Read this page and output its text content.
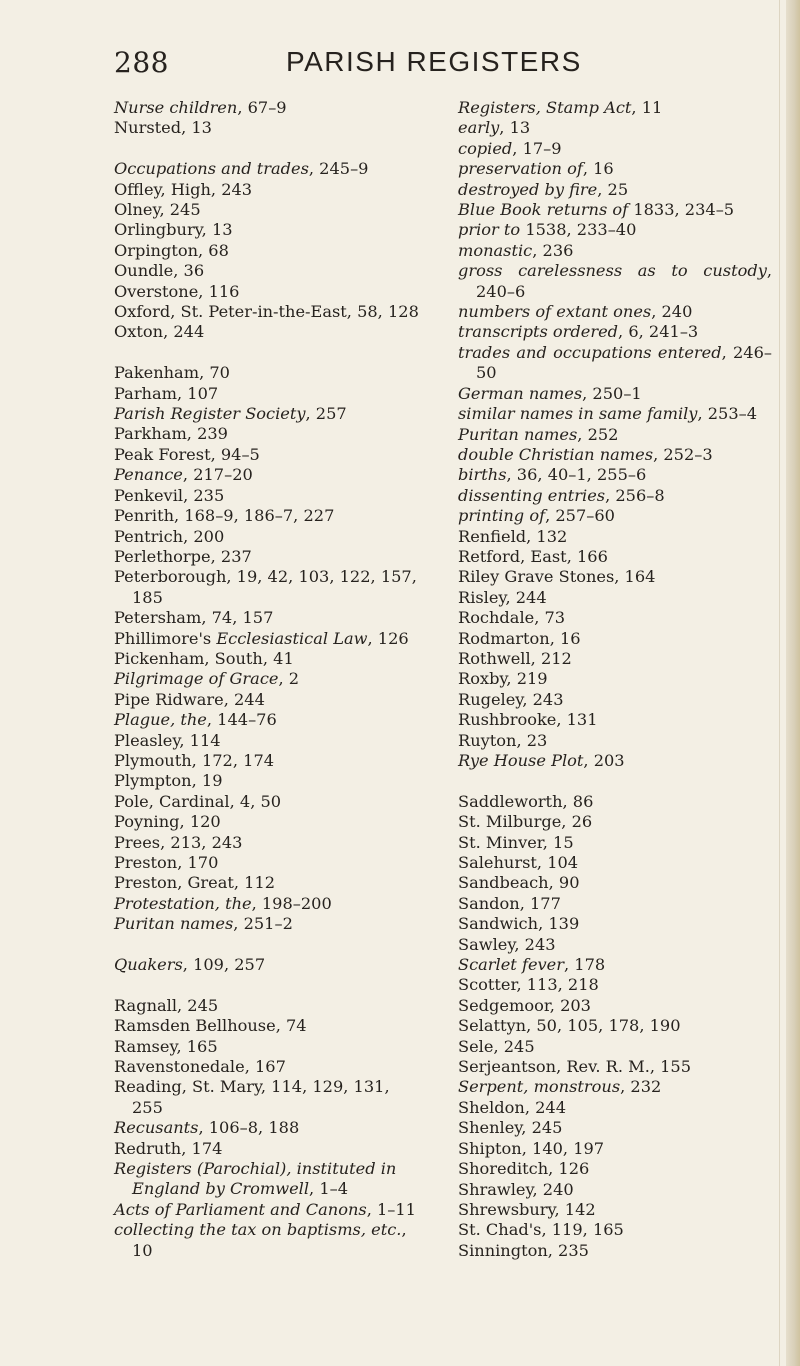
288	PARISH REGISTERS
Nurse children, 67–9
Nursted, 13
Occupations and trades, 245–9
Offley, High, 243
Olney, 245
Orlingbury, 13
Orpington, 68
Oundle, 36
Overstone, 116
Oxford, St. Peter-in-the-East, 58, 128
Oxton, 244
Pakenham, 70
Parham, 107
Parish Register Society, 257
Parkham, 239
Peak Forest, 94–5
Penance, 217–20
Penkevil, 235
Penrith, 168–9, 186–7, 227
Pentrich, 200
Perlethorpe, 237
Peterborough, 19, 42, 103, 122, 157, 185
Petersham, 74, 157
Phillimore's Ecclesiastical Law, 126
Pickenham, South, 41
Pilgrimage of Grace, 2
Pipe Ridware, 244
Plague, the, 144–76
Pleasley, 114
Plymouth, 172, 174
Plympton, 19
Pole, Cardinal, 4, 50
Poyning, 120
Prees, 213, 243
Preston, 170
Preston, Great, 112
Protestation, the, 198–200
Puritan names, 251–2
Quakers, 109, 257
Ragnall, 245
Ramsden Bellhouse, 74
Ramsey, 165
Ravenstonedale, 167
Reading, St. Mary, 114, 129, 131, 255
Recusants, 106–8, 188
Redruth, 174
Registers (Parochial), instituted in England by Cromwell, 1–4
Acts of Parliament and Canons, 1–11
collecting the tax on baptisms, etc., 10
Registers, Stamp Act, 11
early, 13
copied, 17–9
preservation of, 16
destroyed by fire, 25
Blue Book returns of 1833, 234–5
prior to 1538, 233–40
monastic, 236
gross carelessness as to custody, 240–6
numbers of extant ones, 240
transcripts ordered, 6, 241–3
trades and occupations entered, 246–50
German names, 250–1
similar names in same family, 253–4
Puritan names, 252
double Christian names, 252–3
births, 36, 40–1, 255–6
dissenting entries, 256–8
printing of, 257–60
Renfield, 132
Retford, East, 166
Riley Grave Stones, 164
Risley, 244
Rochdale, 73
Rodmarton, 16
Rothwell, 212
Roxby, 219
Rugeley, 243
Rushbrooke, 131
Ruyton, 23
Rye House Plot, 203
Saddleworth, 86
St. Milburge, 26
St. Minver, 15
Salehurst, 104
Sandbeach, 90
Sandon, 177
Sandwich, 139
Sawley, 243
Scarlet fever, 178
Scotter, 113, 218
Sedgemoor, 203
Selattyn, 50, 105, 178, 190
Sele, 245
Serjeantson, Rev. R. M., 155
Serpent, monstrous, 232
Sheldon, 244
Shenley, 245
Shipton, 140, 197
Shoreditch, 126
Shrawley, 240
Shrewsbury, 142
St. Chad's, 119, 165
Sinnington, 235
